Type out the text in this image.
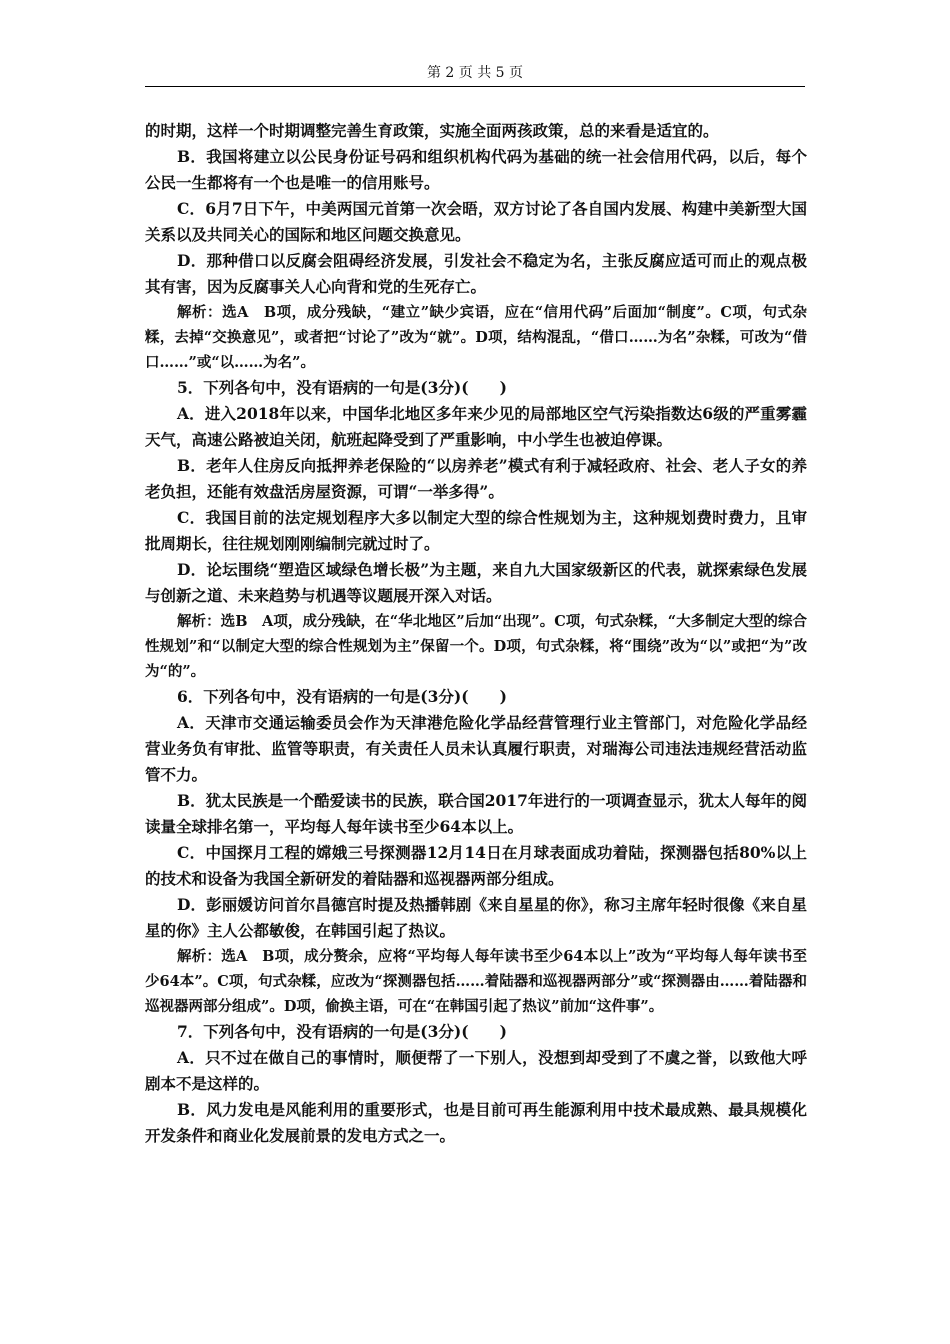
第 2 页 共 5 页

的时期，这样一个时期调整完善生育政策，实施全面两孩政策，总的来看是适宜的。

B．我国将建立以公民身份证号码和组织机构代码为基础的统一社会信用代码，以后，每个公民一生都将有一个也是唯一的信用账号。

C．6月7日下午，中美两国元首第一次会晤，双方讨论了各自国内发展、构建中美新型大国关系以及共同关心的国际和地区问题交换意见。

D．那种借口以反腐会阻碍经济发展，引发社会不稳定为名，主张反腐应适可而止的观点极其有害，因为反腐事关人心向背和党的生死存亡。

解析：选A　B项，成分残缺，“建立”缺少宾语，应在“信用代码”后面加“制度”。C项，句式杂糅，去掉“交换意见”，或者把“讨论了”改为“就”。D项，结构混乱，“借口……为名”杂糅，可改为“借口……”或“以……为名”。

5．下列各句中，没有语病的一句是(3分)(　　)

A．进入2018年以来，中国华北地区多年来少见的局部地区空气污染指数达6级的严重雾霾天气，高速公路被迫关闭，航班起降受到了严重影响，中小学生也被迫停课。

B．老年人住房反向抵押养老保险的“以房养老”模式有利于减轻政府、社会、老人子女的养老负担，还能有效盘活房屋资源，可谓“一举多得”。

C．我国目前的法定规划程序大多以制定大型的综合性规划为主，这种规划费时费力，且审批周期长，往往规划刚刚编制完就过时了。

D．论坛围绕“塑造区域绿色增长极”为主题，来自九大国家级新区的代表，就探索绿色发展与创新之道、未来趋势与机遇等议题展开深入对话。

解析：选B　A项，成分残缺，在“华北地区”后加“出现”。C项，句式杂糅，“大多制定大型的综合性规划”和“以制定大型的综合性规划为主”保留一个。D项，句式杂糅，将“围绕”改为“以”或把“为”改为“的”。

6．下列各句中，没有语病的一句是(3分)(　　)

A．天津市交通运输委员会作为天津港危险化学品经营管理行业主管部门，对危险化学品经营业务负有审批、监管等职责，有关责任人员未认真履行职责，对瑞海公司违法违规经营活动监管不力。

B．犹太民族是一个酷爱读书的民族，联合国2017年进行的一项调查显示，犹太人每年的阅读量全球排名第一，平均每人每年读书至少64本以上。

C．中国探月工程的嫦娥三号探测器12月14日在月球表面成功着陆，探测器包括80%以上的技术和设备为我国全新研发的着陆器和巡视器两部分组成。

D．彭丽媛访问首尔昌德宫时提及热播韩剧《来自星星的你》，称习主席年轻时很像《来自星星的你》主人公都敏俊，在韩国引起了热议。

解析：选A　B项，成分赘余，应将“平均每人每年读书至少64本以上”改为“平均每人每年读书至少64本”。C项，句式杂糅，应改为“探测器包括……着陆器和巡视器两部分”或“探测器由……着陆器和巡视器两部分组成”。D项，偷换主语，可在“在韩国引起了热议”前加“这件事”。

7．下列各句中，没有语病的一句是(3分)(　　)

A．只不过在做自己的事情时，顺便帮了一下别人，没想到却受到了不虞之誉，以致他大呼剧本不是这样的。

B．风力发电是风能利用的重要形式，也是目前可再生能源利用中技术最成熟、最具规模化开发条件和商业化发展前景的发电方式之一。
